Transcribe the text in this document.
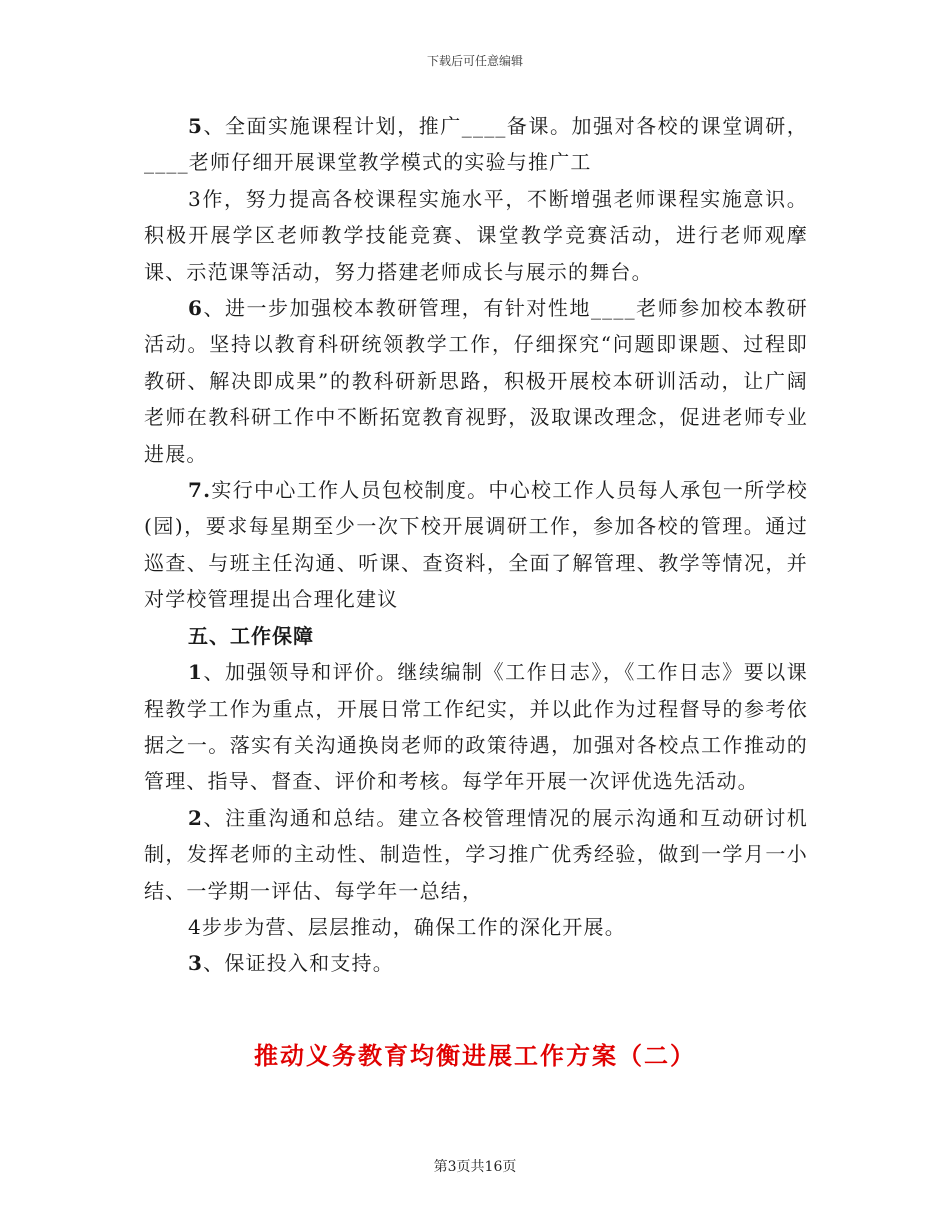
下载后可任意编辑

5、全面实施课程计划，推广____备课。加强对各校的课堂调研，____老师仔细开展课堂教学模式的实验与推广工

3作，努力提高各校课程实施水平，不断增强老师课程实施意识。积极开展学区老师教学技能竞赛、课堂教学竞赛活动，进行老师观摩课、示范课等活动，努力搭建老师成长与展示的舞台。

6、进一步加强校本教研管理，有针对性地____老师参加校本教研活动。坚持以教育科研统领教学工作，仔细探究“问题即课题、过程即教研、解决即成果”的教科研新思路，积极开展校本研训活动，让广阔老师在教科研工作中不断拓宽教育视野，汲取课改理念，促进老师专业进展。

7.实行中心工作人员包校制度。中心校工作人员每人承包一所学校(园)，要求每星期至少一次下校开展调研工作，参加各校的管理。通过巡查、与班主任沟通、听课、查资料，全面了解管理、教学等情况，并对学校管理提出合理化建议

五、工作保障

1、加强领导和评价。继续编制《工作日志》，《工作日志》要以课程教学工作为重点，开展日常工作纪实，并以此作为过程督导的参考依据之一。落实有关沟通换岗老师的政策待遇，加强对各校点工作推动的管理、指导、督查、评价和考核。每学年开展一次评优选先活动。

2、注重沟通和总结。建立各校管理情况的展示沟通和互动研讨机制，发挥老师的主动性、制造性，学习推广优秀经验，做到一学月一小结、一学期一评估、每学年一总结，

4步步为营、层层推动，确保工作的深化开展。

3、保证投入和支持。

推动义务教育均衡进展工作方案（二）
第3页共16页
